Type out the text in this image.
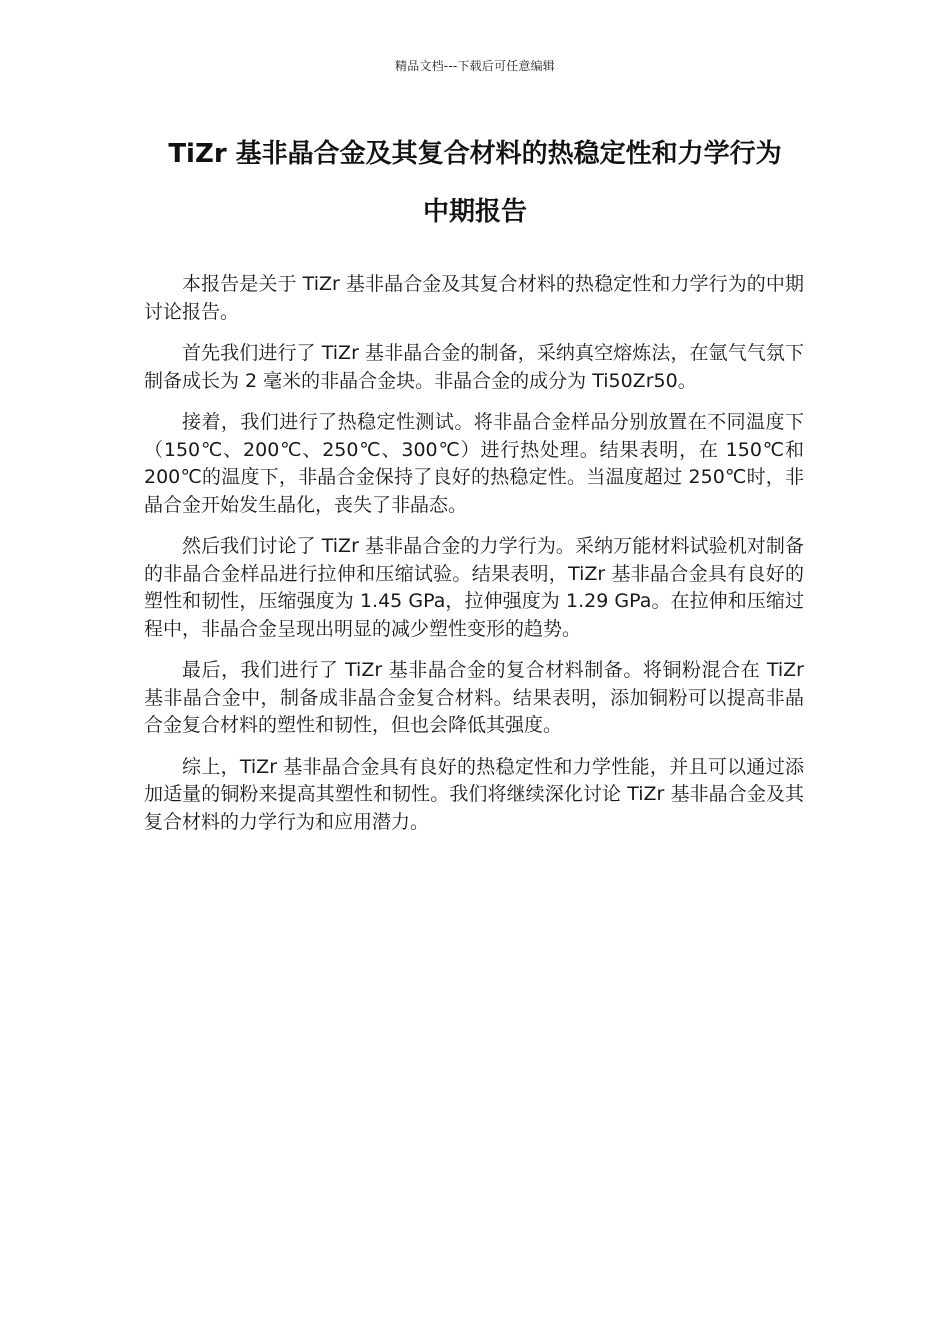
精品文档---下载后可任意编辑
TiZr 基非晶合金及其复合材料的热稳定性和力学行为
中期报告

本报告是关于 TiZr 基非晶合金及其复合材料的热稳定性和力学行为的中期讨论报告。

首先我们进行了 TiZr 基非晶合金的制备，采纳真空熔炼法，在氩气气氛下制备成长为 2 毫米的非晶合金块。非晶合金的成分为 Ti50Zr50。

接着，我们进行了热稳定性测试。将非晶合金样品分别放置在不同温度下（150℃、200℃、250℃、300℃）进行热处理。结果表明，在 150℃和 200℃的温度下，非晶合金保持了良好的热稳定性。当温度超过 250℃时，非晶合金开始发生晶化，丧失了非晶态。

然后我们讨论了 TiZr 基非晶合金的力学行为。采纳万能材料试验机对制备的非晶合金样品进行拉伸和压缩试验。结果表明，TiZr 基非晶合金具有良好的塑性和韧性，压缩强度为 1.45 GPa，拉伸强度为 1.29 GPa。在拉伸和压缩过程中，非晶合金呈现出明显的减少塑性变形的趋势。

最后，我们进行了 TiZr 基非晶合金的复合材料制备。将铜粉混合在 TiZr 基非晶合金中，制备成非晶合金复合材料。结果表明，添加铜粉可以提高非晶合金复合材料的塑性和韧性，但也会降低其强度。

综上，TiZr 基非晶合金具有良好的热稳定性和力学性能，并且可以通过添加适量的铜粉来提高其塑性和韧性。我们将继续深化讨论 TiZr 基非晶合金及其复合材料的力学行为和应用潜力。
